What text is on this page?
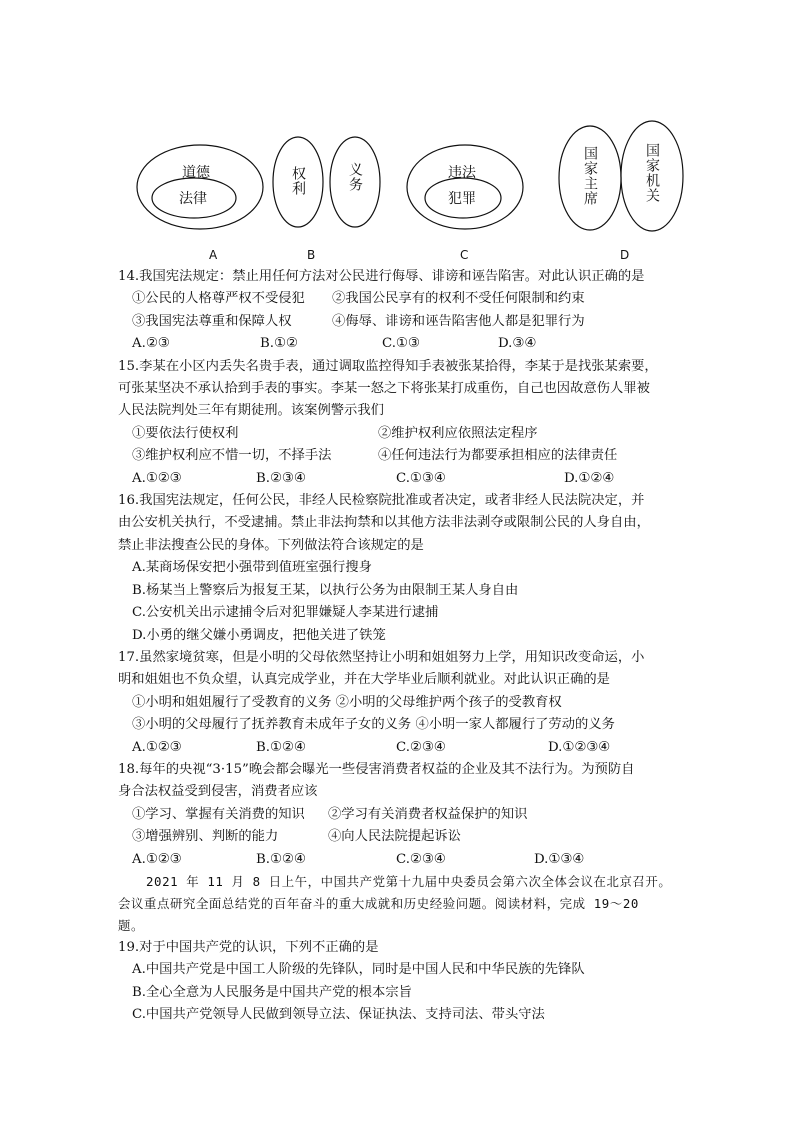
道德
法律
违法
犯罪
权利	义务	国家主席	国家机关
A	B	C	D

14.我国宪法规定：禁止用任何方法对公民进行侮辱、诽谤和诬告陷害。对此认识正确的是

①公民的人格尊严权不受侵犯	②我国公民享有的权利不受任何限制和约束
③我国宪法尊重和保障人权	④侮辱、诽谤和诬告陷害他人都是犯罪行为
A.②③	B.①②	C.①③	D.③④

15.李某在小区内丢失名贵手表，通过调取监控得知手表被张某拾得，李某于是找张某索要，

可张某坚决不承认拾到手表的事实。李某一怒之下将张某打成重伤，自己也因故意伤人罪被

人民法院判处三年有期徒刑。该案例警示我们

①要依法行使权利	②维护权利应依照法定程序
③维护权利应不惜一切，不择手法	④任何违法行为都要承担相应的法律责任
A.①②③	B.②③④	C.①③④	D.①②④

16.我国宪法规定，任何公民，非经人民检察院批准或者决定，或者非经人民法院决定，并

由公安机关执行，不受逮捕。禁止非法拘禁和以其他方法非法剥夺或限制公民的人身自由，

禁止非法搜查公民的身体。下列做法符合该规定的是

A.某商场保安把小强带到值班室强行搜身

B.杨某当上警察后为报复王某，以执行公务为由限制王某人身自由

C.公安机关出示逮捕令后对犯罪嫌疑人李某进行逮捕

D.小勇的继父嫌小勇调皮，把他关进了铁笼

17.虽然家境贫寒，但是小明的父母依然坚持让小明和姐姐努力上学，用知识改变命运，小

明和姐姐也不负众望，认真完成学业，并在大学毕业后顺利就业。对此认识正确的是

①小明和姐姐履行了受教育的义务 ②小明的父母维护两个孩子的受教育权

③小明的父母履行了抚养教育未成年子女的义务 ④小明一家人都履行了劳动的义务

A.①②③	B.①②④	C.②③④	D.①②③④

18.每年的央视“3·15”晚会都会曝光一些侵害消费者权益的企业及其不法行为。为预防自

身合法权益受到侵害，消费者应该

①学习、掌握有关消费的知识	②学习有关消费者权益保护的知识
③增强辨别、判断的能力	④向人民法院提起诉讼
A.①②③	B.①②④	C.②③④	D.①③④

2021 年 11 月 8 日上午，中国共产党第十九届中央委员会第六次全体会议在北京召开。

会议重点研究全面总结党的百年奋斗的重大成就和历史经验问题。阅读材料，完成 19～20

题。

19.对于中国共产党的认识，下列不正确的是

A.中国共产党是中国工人阶级的先锋队，同时是中国人民和中华民族的先锋队

B.全心全意为人民服务是中国共产党的根本宗旨

C.中国共产党领导人民做到领导立法、保证执法、支持司法、带头守法
